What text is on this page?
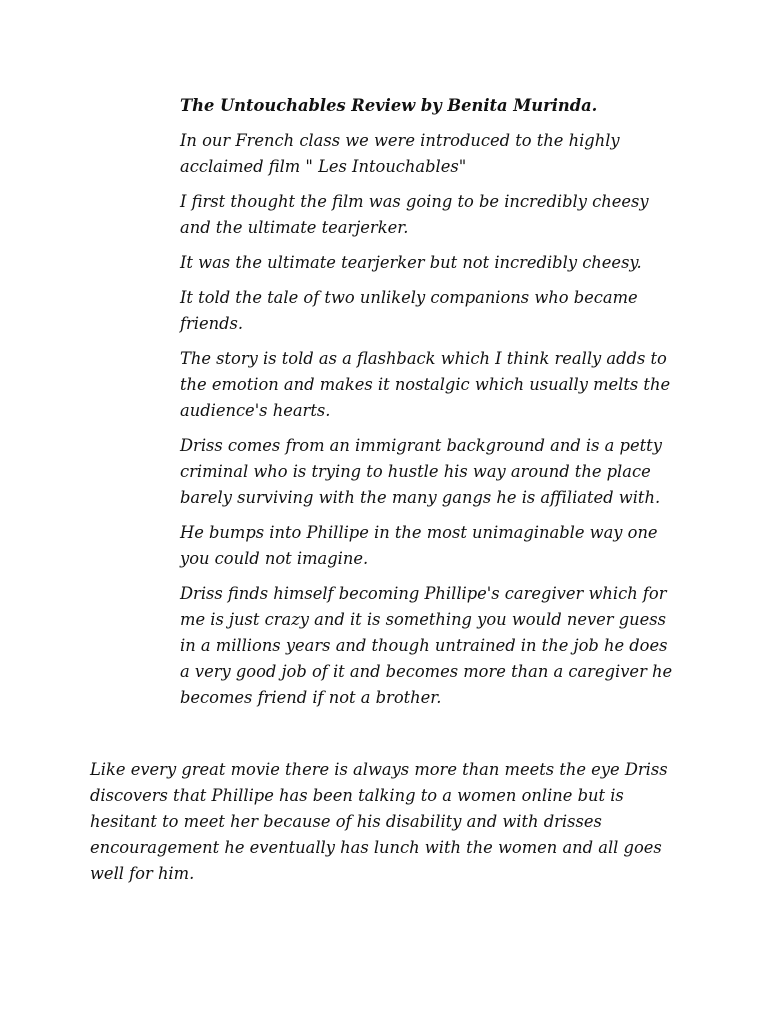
The Untouchables Review by Benita Murinda.

In our French class we were introduced to the highly acclaimed film " Les Intouchables"

I first thought the film was going to be incredibly cheesy and the ultimate tearjerker.

It was the ultimate tearjerker but not incredibly cheesy.

It told the tale of two unlikely companions who became friends.

The story is told as a flashback which I think really adds to the emotion and makes it nostalgic which usually melts the audience's hearts.

Driss comes from an immigrant background and is a petty criminal who is trying to hustle his way around the place barely surviving with the many gangs he is affiliated with.

He bumps into Phillipe in the most unimaginable way one you could not imagine.

Driss finds himself becoming Phillipe's caregiver which for me is just crazy and it is something you would never guess in a millions years and though untrained in the job he does a very good job of it and becomes more than a caregiver he becomes friend if not a brother.

Like every great movie there is always more than meets the eye Driss discovers that Phillipe has been talking to a women online but is hesitant to meet her because of his disability and with drisses encouragement he eventually has lunch with the women and all goes well for him.
